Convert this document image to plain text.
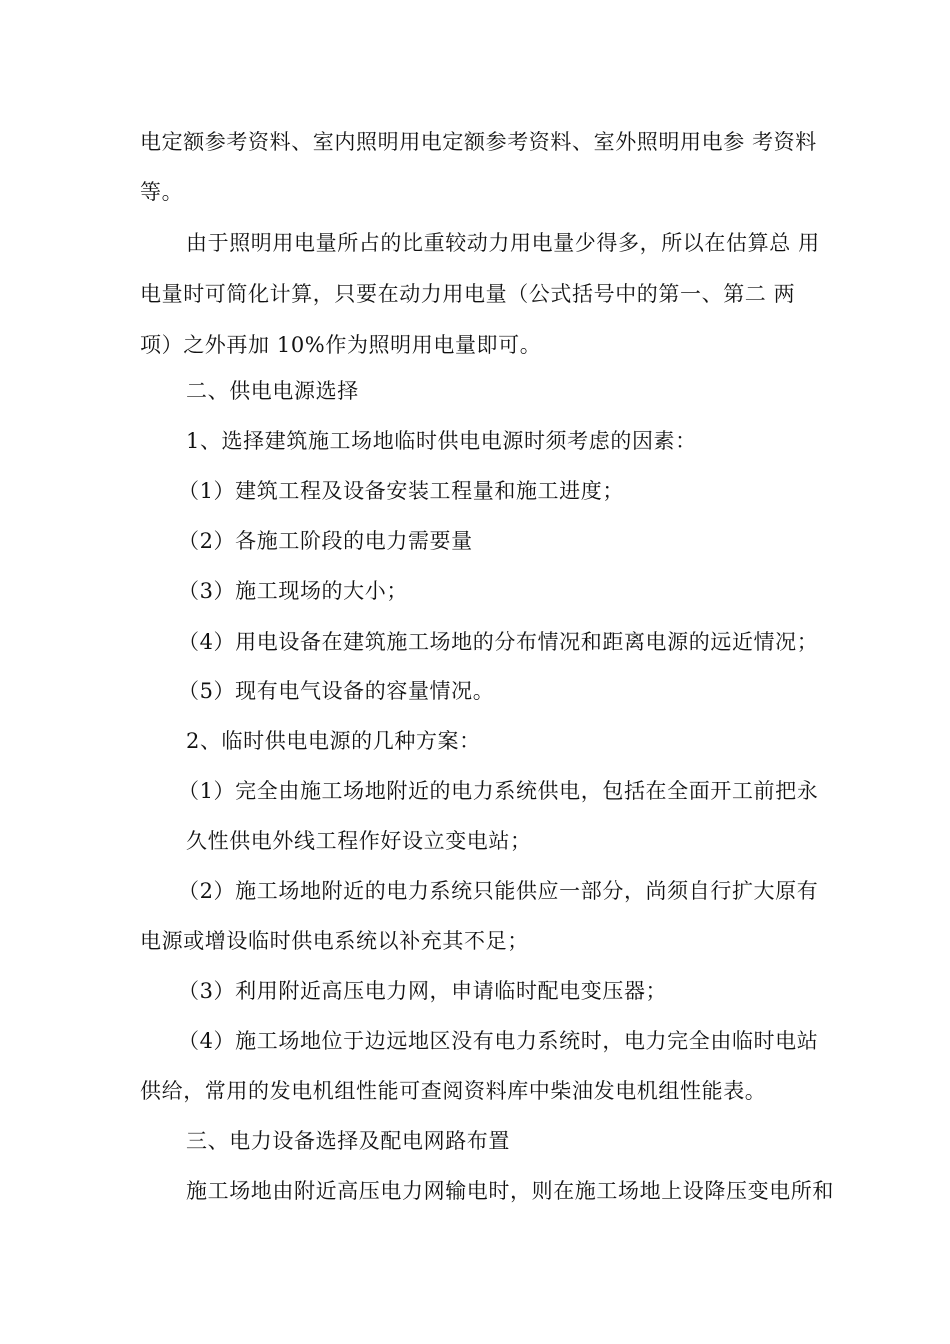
电定额参考资料、室内照明用电定额参考资料、室外照明用电参 考资料
等。
由于照明用电量所占的比重较动力用电量少得多，所以在估算总 用
电量时可简化计算，只要在动力用电量（公式括号中的第一、第二 两
项）之外再加 10%作为照明用电量即可。
二、供电电源选择
1、选择建筑施工场地临时供电电源时须考虑的因素：
（1）建筑工程及设备安装工程量和施工进度；
（2）各施工阶段的电力需要量
（3）施工现场的大小；
（4）用电设备在建筑施工场地的分布情况和距离电源的远近情况；
（5）现有电气设备的容量情况。
2、临时供电电源的几种方案：
（1）完全由施工场地附近的电力系统供电，包括在全面开工前把永
久性供电外线工程作好设立变电站；
（2）施工场地附近的电力系统只能供应一部分，尚须自行扩大原有
电源或增设临时供电系统以补充其不足；
（3）利用附近高压电力网，申请临时配电变压器；
（4）施工场地位于边远地区没有电力系统时，电力完全由临时电站
供给，常用的发电机组性能可查阅资料库中柴油发电机组性能表。
三、电力设备选择及配电网路布置
施工场地由附近高压电力网输电时，则在施工场地上设降压变电所和
